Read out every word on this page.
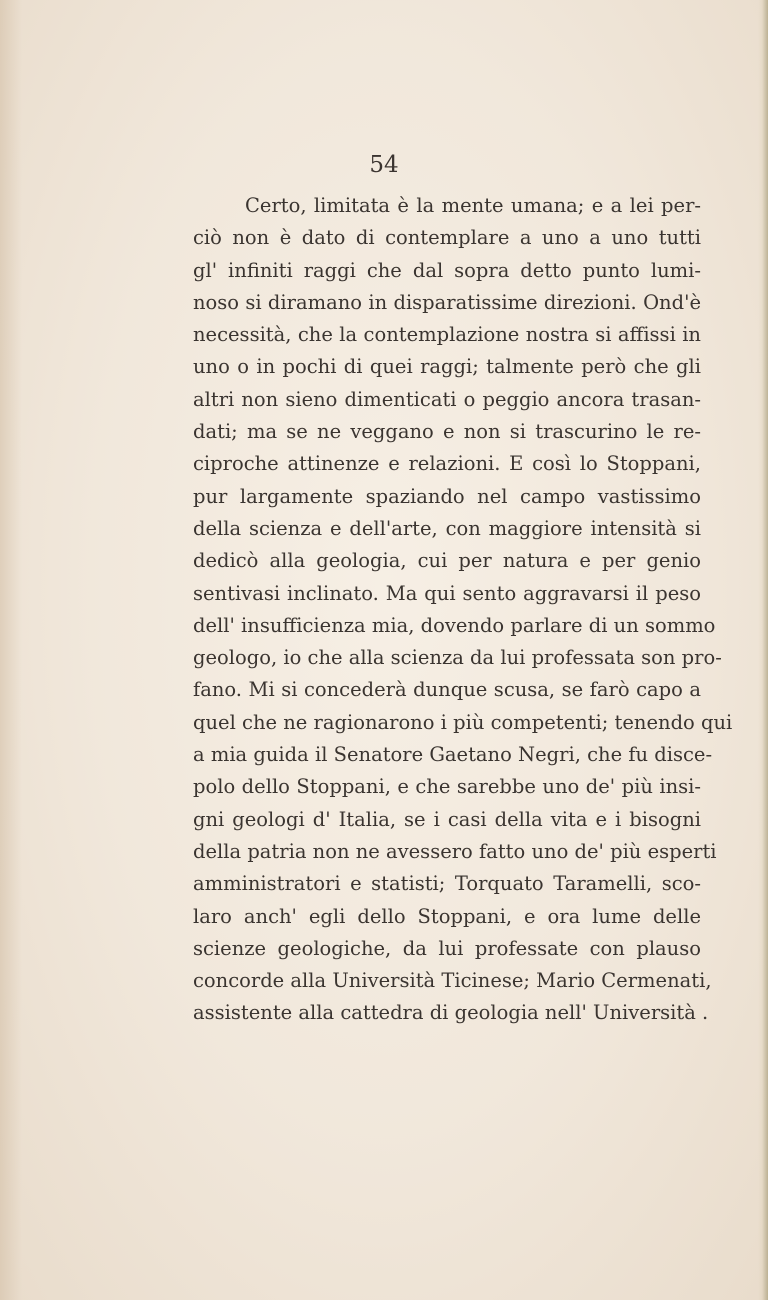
54

Certo, limitata è la mente umana; e a lei per-
ciò non è dato di contemplare a uno a uno tutti
gl' infiniti raggi che dal sopra detto punto lumi-
noso si diramano in disparatissime direzioni. Ond'è
necessità, che la contemplazione nostra si affissi in
uno o in pochi di quei raggi; talmente però che gli
altri non sieno dimenticati o peggio ancora trasan-
dati; ma se ne veggano e non si trascurino le re-
ciproche attinenze e relazioni. E così lo Stoppani,
pur largamente spaziando nel campo vastissimo
della scienza e dell'arte, con maggiore intensità si
dedicò alla geologia, cui per natura e per genio
sentivasi inclinato. Ma qui sento aggravarsi il peso
dell' insufficienza mia, dovendo parlare di un sommo
geologo, io che alla scienza da lui professata son pro-
fano. Mi si concederà dunque scusa, se farò capo a
quel che ne ragionarono i più competenti; tenendo qui
a mia guida il Senatore Gaetano Negri, che fu disce-
polo dello Stoppani, e che sarebbe uno de' più insi-
gni geologi d' Italia, se i casi della vita e i bisogni
della patria non ne avessero fatto uno de' più esperti
amministratori e statisti; Torquato Taramelli, sco-
laro anch' egli dello Stoppani, e ora lume delle
scienze geologiche, da lui professate con plauso
concorde alla Università Ticinese; Mario Cermenati,
assistente alla cattedra di geologia nell' Università .
